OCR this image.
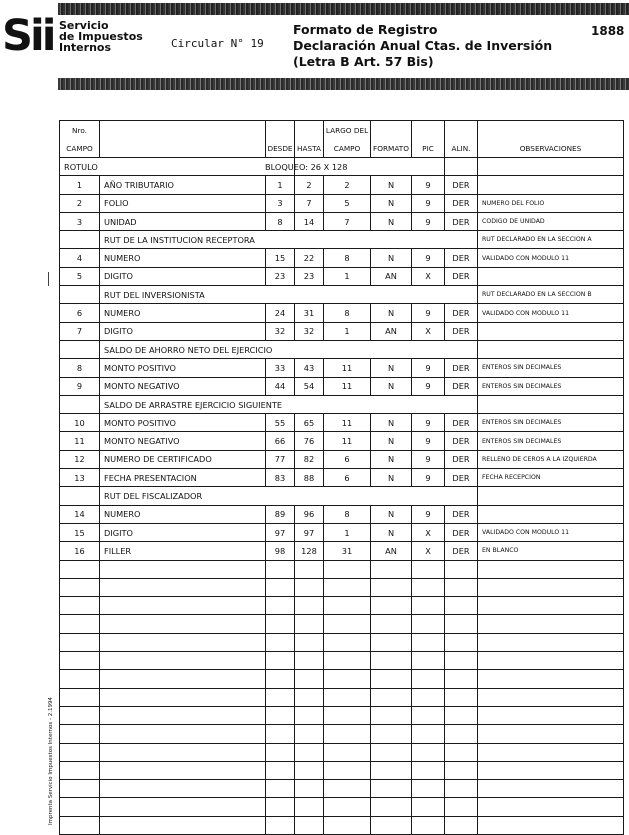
Sii Servicio
de Impuestos
Internos	Circular N° 19
Formato de Registro
Declaración Anual Ctas. de Inversión
(Letra B Art. 57 Bis)
1888
Imprenta Servicio Impuestos Internos - 2.1994
Nro.				LARGO DEL				
CAMPO		DESDE	HASTA	CAMPO	FORMATO	PIC	ALIN.	OBSERVACIONES
ROTULO			BLOQUEO: 26 X 128					
1	AÑO TRIBUTARIO	1	2	2	N	9	DER	
2	FOLIO	3	7	5	N	9	DER	NUMERO DEL FOLIO
3	UNIDAD	8	14	7	N	9	DER	CODIGO DE UNIDAD
	RUT DE LA INSTITUCION RECEPTORA							RUT DECLARADO EN LA SECCION A
4	NUMERO	15	22	8	N	9	DER	VALIDADO CON MODULO 11
5	DIGITO	23	23	1	AN	X	DER	
	RUT DEL INVERSIONISTA							RUT DECLARADO EN LA SECCION B
6	NUMERO	24	31	8	N	9	DER	VALIDADO CON MODULO 11
7	DIGITO	32	32	1	AN	X	DER	
	SALDO DE AHORRO NETO DEL EJERCICIO							
8	MONTO POSITIVO	33	43	11	N	9	DER	ENTEROS SIN DECIMALES
9	MONTO NEGATIVO	44	54	11	N	9	DER	ENTEROS SIN DECIMALES
	SALDO DE ARRASTRE EJERCICIO SIGUIENTE							
10	MONTO POSITIVO	55	65	11	N	9	DER	ENTEROS SIN DECIMALES
11	MONTO NEGATIVO	66	76	11	N	9	DER	ENTEROS SIN DECIMALES
12	NUMERO DE CERTIFICADO	77	82	6	N	9	DER	RELLENO DE CEROS A LA IZQUIERDA
13	FECHA PRESENTACION	83	88	6	N	9	DER	FECHA RECEPCION
	RUT DEL FISCALIZADOR							
14	NUMERO	89	96	8	N	9	DER	
15	DIGITO	97	97	1	N	X	DER	VALIDADO CON MODULO 11
16	FILLER	98	128	31	AN	X	DER	EN BLANCO
